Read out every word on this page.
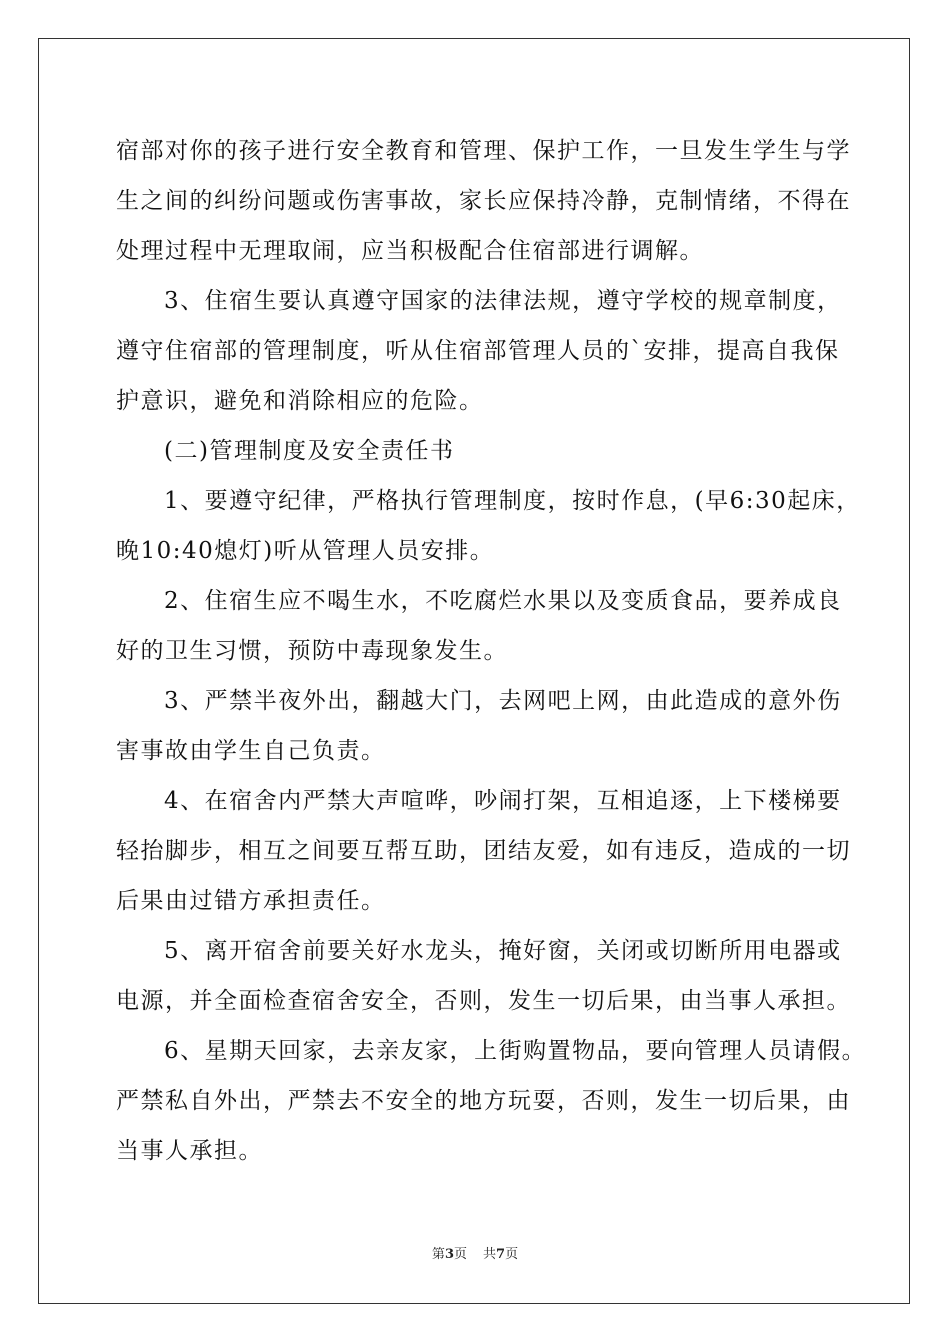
宿部对你的孩子进行安全教育和管理、保护工作，一旦发生学生与学
生之间的纠纷问题或伤害事故，家长应保持冷静，克制情绪，不得在
处理过程中无理取闹，应当积极配合住宿部进行调解。
3、住宿生要认真遵守国家的法律法规，遵守学校的规章制度，
遵守住宿部的管理制度，听从住宿部管理人员的`安排，提高自我保
护意识，避免和消除相应的危险。
(二)管理制度及安全责任书
1、要遵守纪律，严格执行管理制度，按时作息，(早6:30起床，
晚10:40熄灯)听从管理人员安排。
2、住宿生应不喝生水，不吃腐烂水果以及变质食品，要养成良
好的卫生习惯，预防中毒现象发生。
3、严禁半夜外出，翻越大门，去网吧上网，由此造成的意外伤
害事故由学生自己负责。
4、在宿舍内严禁大声喧哗，吵闹打架，互相追逐，上下楼梯要
轻抬脚步，相互之间要互帮互助，团结友爱，如有违反，造成的一切
后果由过错方承担责任。
5、离开宿舍前要关好水龙头，掩好窗，关闭或切断所用电器或
电源，并全面检查宿舍安全，否则，发生一切后果，由当事人承担。
6、星期天回家，去亲友家，上街购置物品，要向管理人员请假。
严禁私自外出，严禁去不安全的地方玩耍，否则，发生一切后果，由
当事人承担。
第3页 共7页
